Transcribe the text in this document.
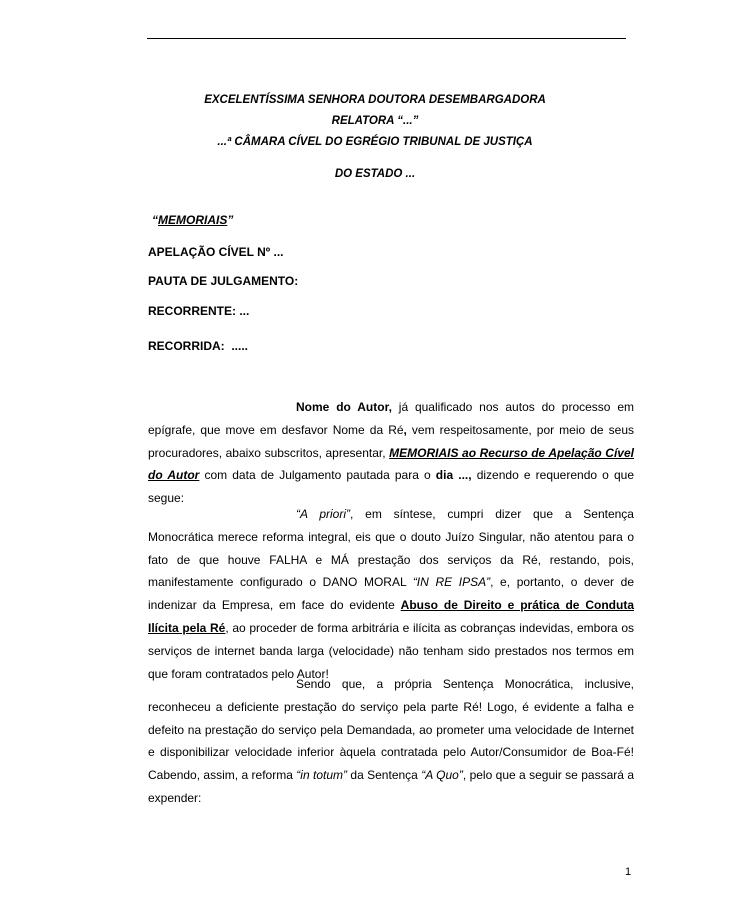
EXCELENTÍSSIMA SENHORA DOUTORA DESEMBARGADORA
RELATORA “...”
...ª CÂMARA CÍVEL DO EGRÉGIO TRIBUNAL DE JUSTIÇA
DO ESTADO ...
“MEMORIAIS”
APELAÇÃO CÍVEL Nº ...
PAUTA DE JULGAMENTO:
RECORRENTE: ...
RECORRIDA:  .....
Nome do Autor, já qualificado nos autos do processo em epígrafe, que move em desfavor Nome da Ré, vem respeitosamente, por meio de seus procuradores, abaixo subscritos, apresentar, MEMORIAIS ao Recurso de Apelação Cível do Autor com data de Julgamento pautada para o dia ..., dizendo e requerendo o que segue:
“A priori”, em síntese, cumpri dizer que a Sentença Monocrática merece reforma integral, eis que o douto Juízo Singular, não atentou para o fato de que houve FALHA e MÁ prestação dos serviços da Ré, restando, pois, manifestamente configurado o DANO MORAL “IN RE IPSA”, e, portanto, o dever de indenizar da Empresa, em face do evidente Abuso de Direito e prática de Conduta Ilícita pela Ré, ao proceder de forma arbitrária e ilícita as cobranças indevidas, embora os serviços de internet banda larga (velocidade) não tenham sido prestados nos termos em que foram contratados pelo Autor!
Sendo que, a própria Sentença Monocrática, inclusive, reconheceu a deficiente prestação do serviço pela parte Ré! Logo, é evidente a falha e defeito na prestação do serviço pela Demandada, ao prometer uma velocidade de Internet e disponibilizar velocidade inferior àquela contratada pelo Autor/Consumidor de Boa-Fé! Cabendo, assim, a reforma “in totum” da Sentença “A Quo”, pelo que a seguir se passará a expender:
1
